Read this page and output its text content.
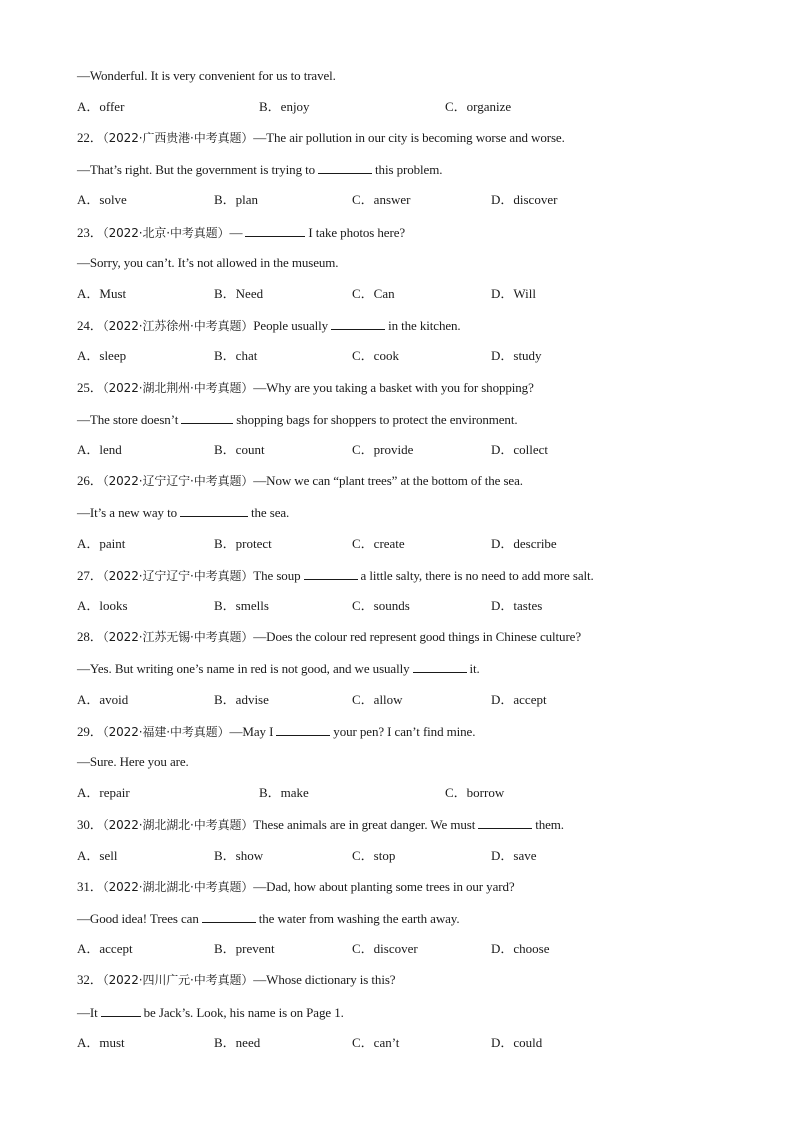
—Wonderful. It is very convenient for us to travel.
A．offer	B．enjoy	C．organize
22．（2022·广西贵港·中考真题）—The air pollution in our city is becoming worse and worse.
—That’s right. But the government is trying to	this problem.
A．solve	B．plan	C．answer	D．discover
23．（2022·北京·中考真题）—	I take photos here?
—Sorry, you can’t. It’s not allowed in the museum.
A．Must	B．Need	C．Can	D．Will
24．（2022·江苏徐州·中考真题）People usually	in the kitchen.
A．sleep	B．chat	C．cook	D．study
25．（2022·湖北荆州·中考真题）—Why are you taking a basket with you for shopping?
—The store doesn’t	shopping bags for shoppers to protect the environment.
A．lend	B．count	C．provide	D．collect
26．（2022·辽宁辽宁·中考真题）—Now we can “plant trees” at the bottom of the sea.
—It’s a new way to	the sea.
A．paint	B．protect	C．create	D．describe
27．（2022·辽宁辽宁·中考真题）The soup	a little salty, there is no need to add more salt.
A．looks	B．smells	C．sounds	D．tastes
28．（2022·江苏无锡·中考真题）—Does the colour red represent good things in Chinese culture?
—Yes. But writing one’s name in red is not good, and we usually	it.
A．avoid	B．advise	C．allow	D．accept
29．（2022·福建·中考真题）—May I	your pen? I can’t find mine.
—Sure. Here you are.
A．repair	B．make	C．borrow
30．（2022·湖北湖北·中考真题）These animals are in great danger. We must	them.
A．sell	B．show	C．stop	D．save
31．（2022·湖北湖北·中考真题）—Dad, how about planting some trees in our yard?
—Good idea! Trees can	the water from washing the earth away.
A．accept	B．prevent	C．discover	D．choose
32．（2022·四川广元·中考真题）—Whose dictionary is this?
—It	be Jack’s. Look, his name is on Page 1.
A．must	B．need	C．can’t	D．could
